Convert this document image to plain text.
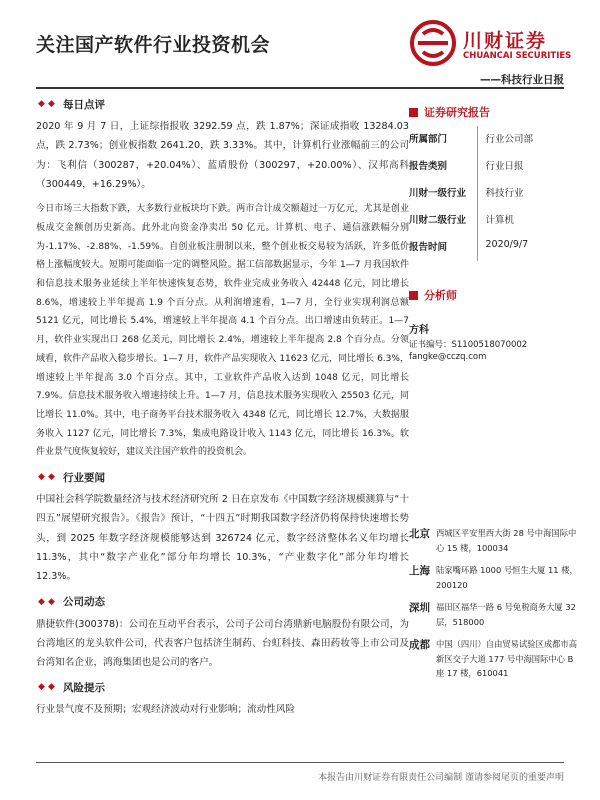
关注国产软件行业投资机会	川财证券
CHUANCAI SECURITIES
——科技行业日报
◆ ◆ 每日点评

2020 年 9 月 7 日，上证综指报收 3292.59 点，跌 1.87%；深证成指收 13284.03 点，跌 2.73%；创业板指数 2641.20，跌 3.33%。其中，计算机行业涨幅前三的公司为：飞利信（300287，+20.04%）、蓝盾股份（300297，+20.00%）、汉邦高科（300449，+16.29%）。

今日市场三大指数下跌，大多数行业板块均下跌。两市合计成交额超过一万亿元，尤其是创业板成交金额创历史新高。此外北向资金净卖出 50 亿元。计算机、电子、通信涨跌幅分别为-1.17%、-2.88%、-1.59%。自创业板注册制以来，整个创业板交易较为活跃，许多低价格上涨幅度较大。短期可能面临一定的调整风险。据工信部数据显示，今年 1—7 月我国软件和信息技术服务业延续上半年快速恢复态势，软件业完成业务收入 42448 亿元，同比增长 8.6%，增速较上半年提高 1.9 个百分点。从利润增速看，1—7 月，全行业实现利润总额 5121 亿元，同比增长 5.4%，增速较上半年提高 4.1 个百分点。出口增速由负转正。1—7 月，软件业实现出口 268 亿美元，同比增长 2.4%，增速较上半年提高 2.8 个百分点。分领域看，软件产品收入稳步增长。1—7 月，软件产品实现收入 11623 亿元，同比增长 6.3%，增速较上半年提高 3.0 个百分点。其中，工业软件产品收入达到 1048 亿元，同比增长 7.9%。信息技术服务收入增速持续上升。1—7 月，信息技术服务实现收入 25503 亿元，同比增长 11.0%。其中，电子商务平台技术服务收入 4348 亿元，同比增长 12.7%，大数据服务收入 1127 亿元，同比增长 7.3%，集成电路设计收入 1143 亿元，同比增长 16.3%。软件业景气度恢复较好，建议关注国产软件的投资机会。

◆ ◆ 行业要闻

中国社会科学院数量经济与技术经济研究所 2 日在京发布《中国数字经济规模测算与“十四五”展望研究报告》。《报告》预计，“十四五”时期我国数字经济仍将保持快速增长势头，到 2025 年数字经济规模能够达到 326724 亿元，数字经济整体名义年均增长 11.3%，其中“数字产业化”部分年均增长 10.3%，“产业数字化”部分年均增长 12.3%。

◆ ◆ 公司动态

鼎捷软件(300378)：公司在互动平台表示，公司子公司台湾鼎新电脑股份有限公司，为台湾地区的龙头软件公司，代表客户包括济生制药、台虹科技、森田药妆等上市公司及台湾知名企业，鸿海集团也是公司的客户。

◆ ◆ 风险提示

行业景气度不及预期；宏观经济波动对行业影响；流动性风险

证券研究报告
所属部门	行业公司部
报告类别	行业日报
川财一级行业	科技行业
川财二级行业	计算机
报告时间	2020/9/7
分析师
方科
证书编号：S1100518070002
fangke@cczq.com
北京 西城区平安里西大街 28 号中海国际中心 15 楼，100034
上海 陆家嘴环路 1000 号恒生大厦 11 楼，200120
深圳 福田区福华一路 6 号免税商务大厦 32 层，518000
成都 中国（四川）自由贸易试验区成都市高新区交子大道 177 号中海国际中心 B 座 17 楼，610041
本报告由川财证券有限责任公司编制 谨请参阅尾页的重要声明
